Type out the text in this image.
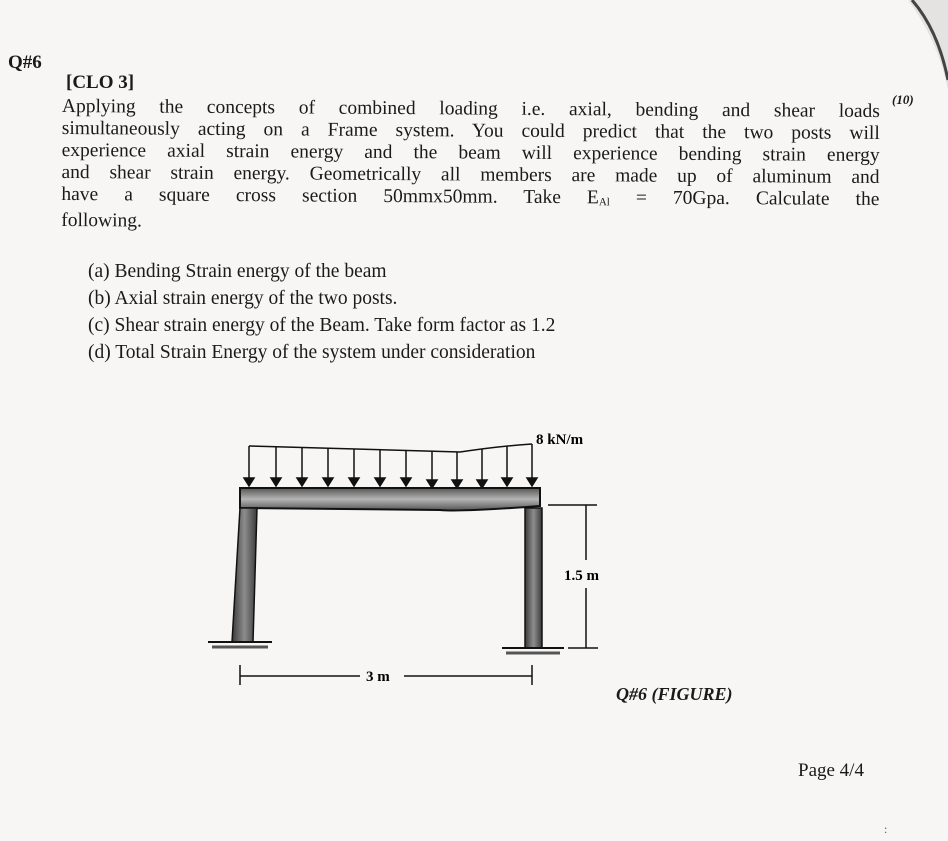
Q#6
[CLO 3]
(10)
Applying the concepts of combined loading i.e. axial, bending and shear loads
simultaneously acting on a Frame system. You could predict that the two posts will
experience axial strain energy and the beam will experience bending strain energy
and shear strain energy. Geometrically all members are made up of aluminum and
have a square cross section 50mmx50mm. Take EAl = 70Gpa. Calculate the
following.
(a) Bending Strain energy of the beam
(b) Axial strain energy of the two posts.
(c) Shear strain energy of the Beam. Take form factor as 1.2
(d) Total Strain Energy of the system under consideration
8 kN/m
1.5 m
3 m
Q#6 (FIGURE)
Page 4/4
:
